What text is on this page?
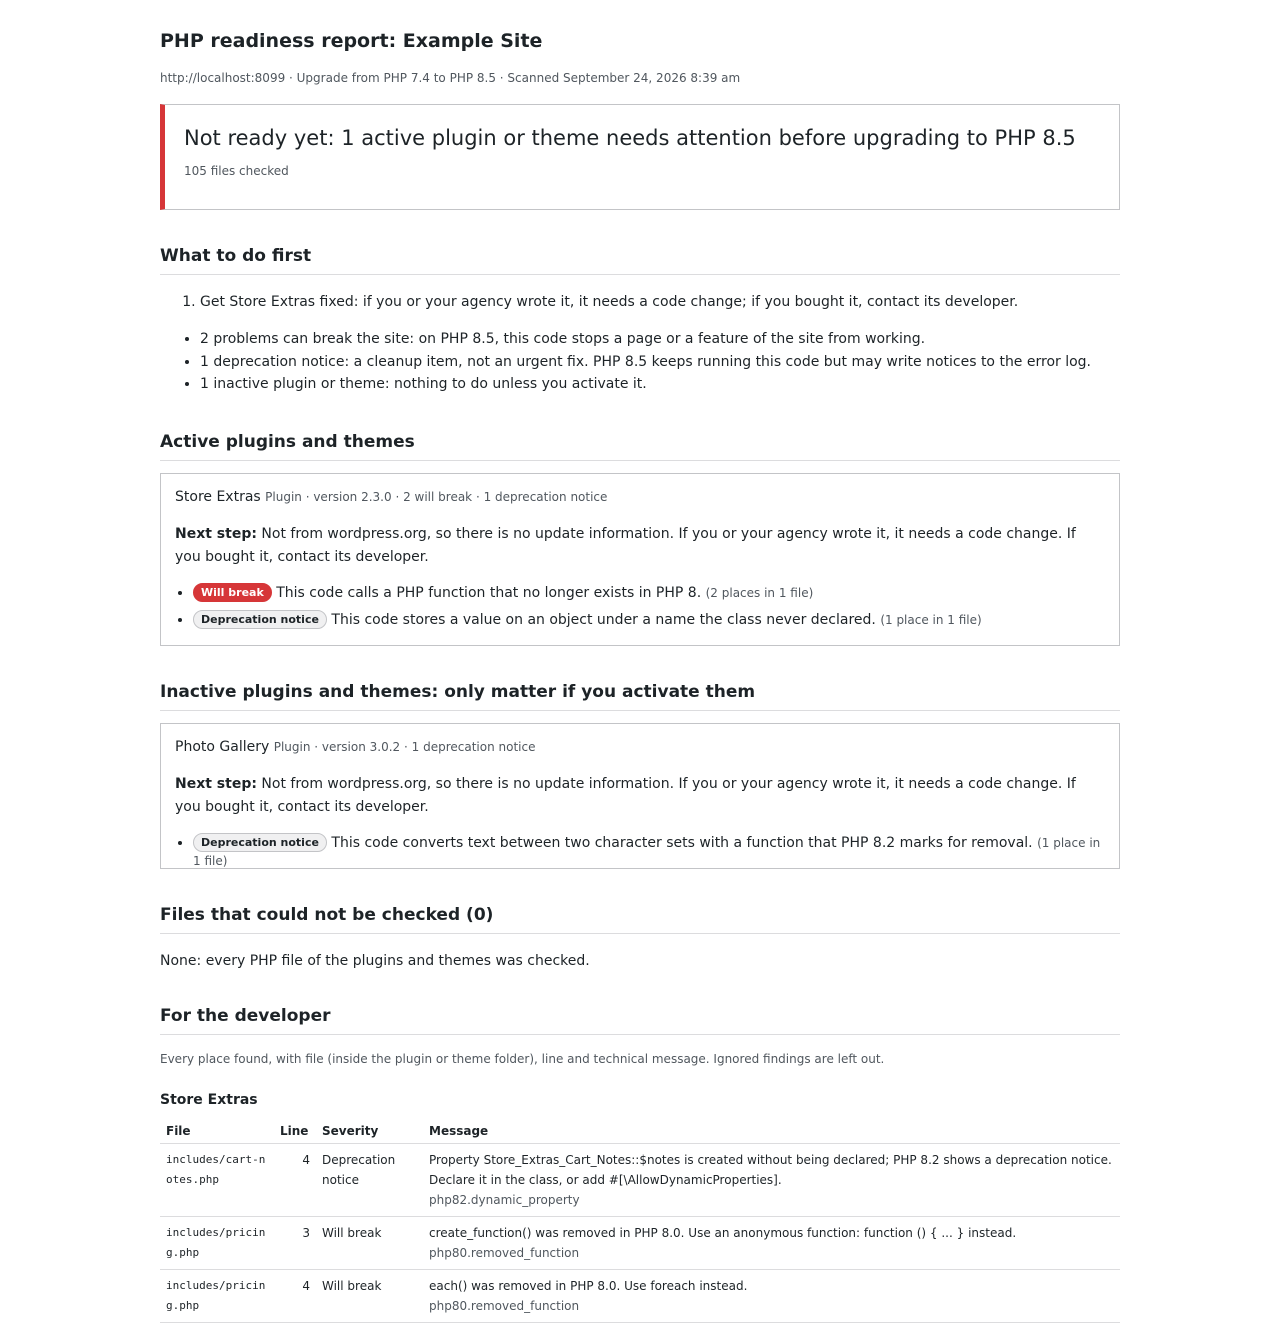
PHP readiness report: Example Site
http://localhost:8099 · Upgrade from PHP 7.4 to PHP 8.5 · Scanned September 24, 2026 8:39 am
Not ready yet: 1 active plugin or theme needs attention before upgrading to PHP 8.5
105 files checked
What to do first
1. Get Store Extras fixed: if you or your agency wrote it, it needs a code change; if you bought it, contact its developer.
• 2 problems can break the site: on PHP 8.5, this code stops a page or a feature of the site from working.
• 1 deprecation notice: a cleanup item, not an urgent fix. PHP 8.5 keeps running this code but may write notices to the error log.
• 1 inactive plugin or theme: nothing to do unless you activate it.
Active plugins and themes
Store Extras Plugin · version 2.3.0 · 2 will break · 1 deprecation notice
Next step: Not from wordpress.org, so there is no update information. If you or your agency wrote it, it needs a code change. If you bought it, contact its developer.
• Will break This code calls a PHP function that no longer exists in PHP 8. (2 places in 1 file)
• Deprecation notice This code stores a value on an object under a name the class never declared. (1 place in 1 file)
Inactive plugins and themes: only matter if you activate them
Photo Gallery Plugin · version 3.0.2 · 1 deprecation notice
Next step: Not from wordpress.org, so there is no update information. If you or your agency wrote it, it needs a code change. If you bought it, contact its developer.
• Deprecation notice This code converts text between two character sets with a function that PHP 8.2 marks for removal. (1 place in 1 file)
Files that could not be checked (0)
None: every PHP file of the plugins and themes was checked.
For the developer
Every place found, with file (inside the plugin or theme folder), line and technical message. Ignored findings are left out.
Store Extras
File	Line	Severity	Message
includes/cart-notes.php	4	Deprecation notice	Property Store_Extras_Cart_Notes::$notes is created without being declared; PHP 8.2 shows a deprecation notice. Declare it in the class, or add #[\AllowDynamicProperties].
php82.dynamic_property

includes/pricing.php	3	Will break	create_function() was removed in PHP 8.0. Use an anonymous function: function () { ... } instead.
php80.removed_function

includes/pricing.php	4	Will break	each() was removed in PHP 8.0. Use foreach instead.
php80.removed_function
